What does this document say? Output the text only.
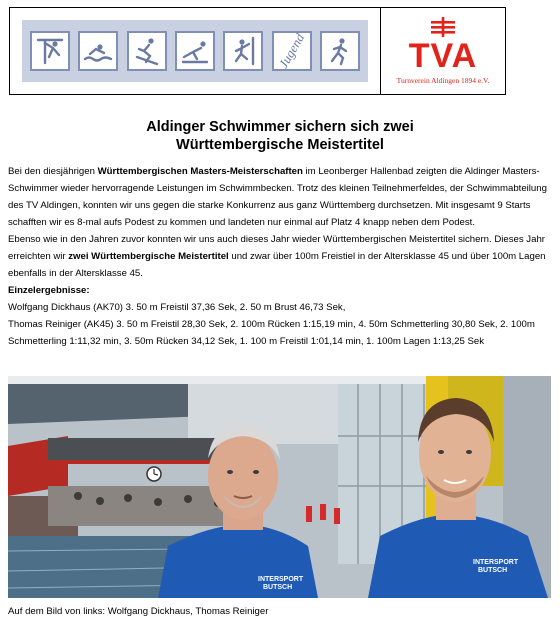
Jugend	TVA
Turnverein Aldingen 1894 e.V.
Aldinger Schwimmer sichern sich zwei
Württembergische Meistertitel

Bei den diesjährigen Württembergischen Masters-Meisterschaften im Leonberger Hallenbad zeigten die Aldinger Masters-Schwimmer wieder hervorragende Leistungen im Schwimmbecken. Trotz des kleinen Teilnehmerfeldes, der Schwimmabteilung des TV Aldingen, konnten wir uns gegen die starke Konkurrenz aus ganz Württemberg durchsetzen. Mit insgesamt 9 Starts schafften wir es 8-mal aufs Podest zu kommen und landeten nur einmal auf Platz 4 knapp neben dem Podest.

Ebenso wie in den Jahren zuvor konnten wir uns auch dieses Jahr wieder Württembergischen Meistertitel sichern. Dieses Jahr erreichten wir zwei Württembergische Meistertitel und zwar über 100m Freistiel in der Altersklasse 45 und über 100m Lagen ebenfalls in der Altersklasse 45.

Einzelergebnisse:

Wolfgang Dickhaus (AK70) 3. 50 m Freistil 37,36 Sek, 2. 50 m Brust 46,73 Sek,

Thomas Reiniger (AK45) 3. 50 m Freistil 28,30 Sek, 2. 100m Rücken 1:15,19 min, 4. 50m Schmetterling 30,80 Sek, 2. 100m Schmetterling 1:11,32 min, 3. 50m Rücken 34,12 Sek, 1. 100 m Freistil 1:01,14 min, 1. 100m Lagen 1:13,25 Sek

INTERSPORT
BUTSCH
INTERSPORT
BUTSCH
Auf dem Bild von links: Wolfgang Dickhaus, Thomas Reiniger
